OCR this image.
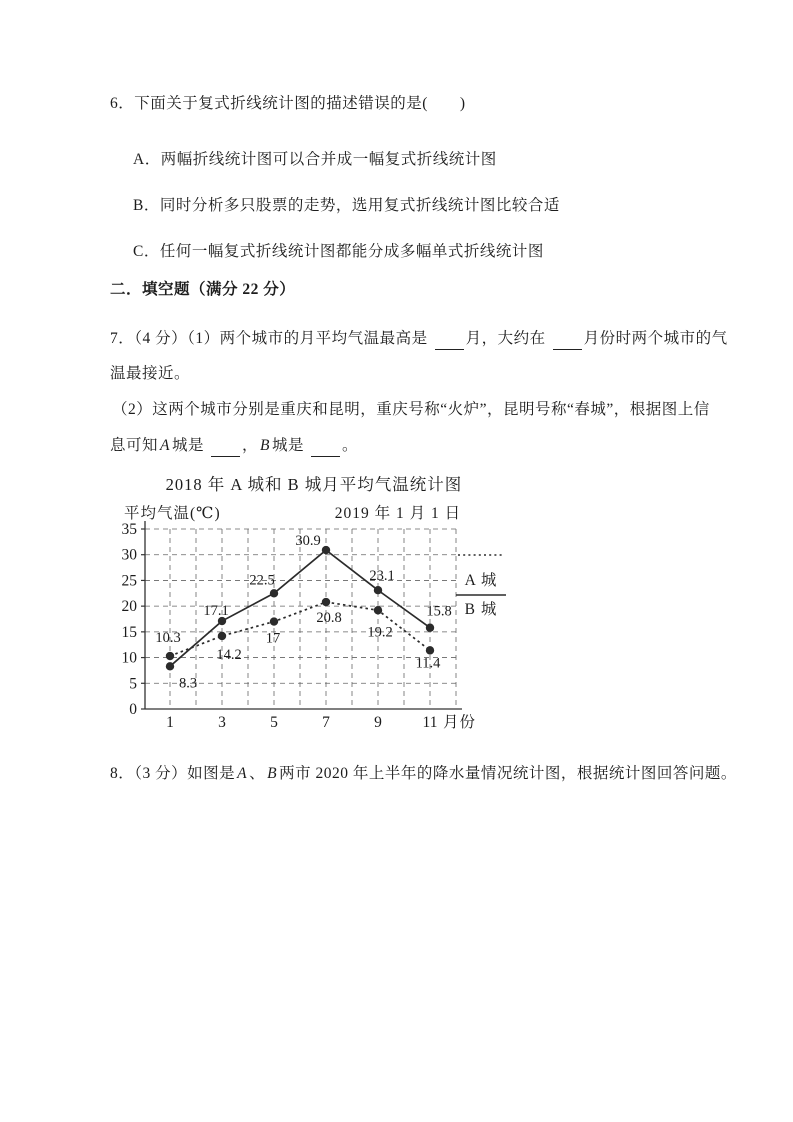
6．下面关于复式折线统计图的描述错误的是(　　)
A．两幅折线统计图可以合并成一幅复式折线统计图
B．同时分析多只股票的走势，选用复式折线统计图比较合适
C．任何一幅复式折线统计图都能分成多幅单式折线统计图
二．填空题（满分 22 分）
7．（4 分）（1）两个城市的月平均气温最高是 月，大约在 月份时两个城市的气
温最接近。
（2）这两个城市分别是重庆和昆明，重庆号称“火炉”，昆明号称“春城”，根据图上信
息可知 A 城是 ， B 城是 。
2018 年 A 城和 B 城月平均气温统计图
平均气温(℃)	2019 年 1 月 1 日
0
5
10
15
20
25
30
35
1	3	5	7	9	11
10.3
14.2
17
20.8
19.2
11.4
8.3
17.1
22.5
30.9
23.1
15.8
A 城
B 城
月份
8．（3 分）如图是 A 、 B 两市 2020 年上半年的降水量情况统计图，根据统计图回答问题。
